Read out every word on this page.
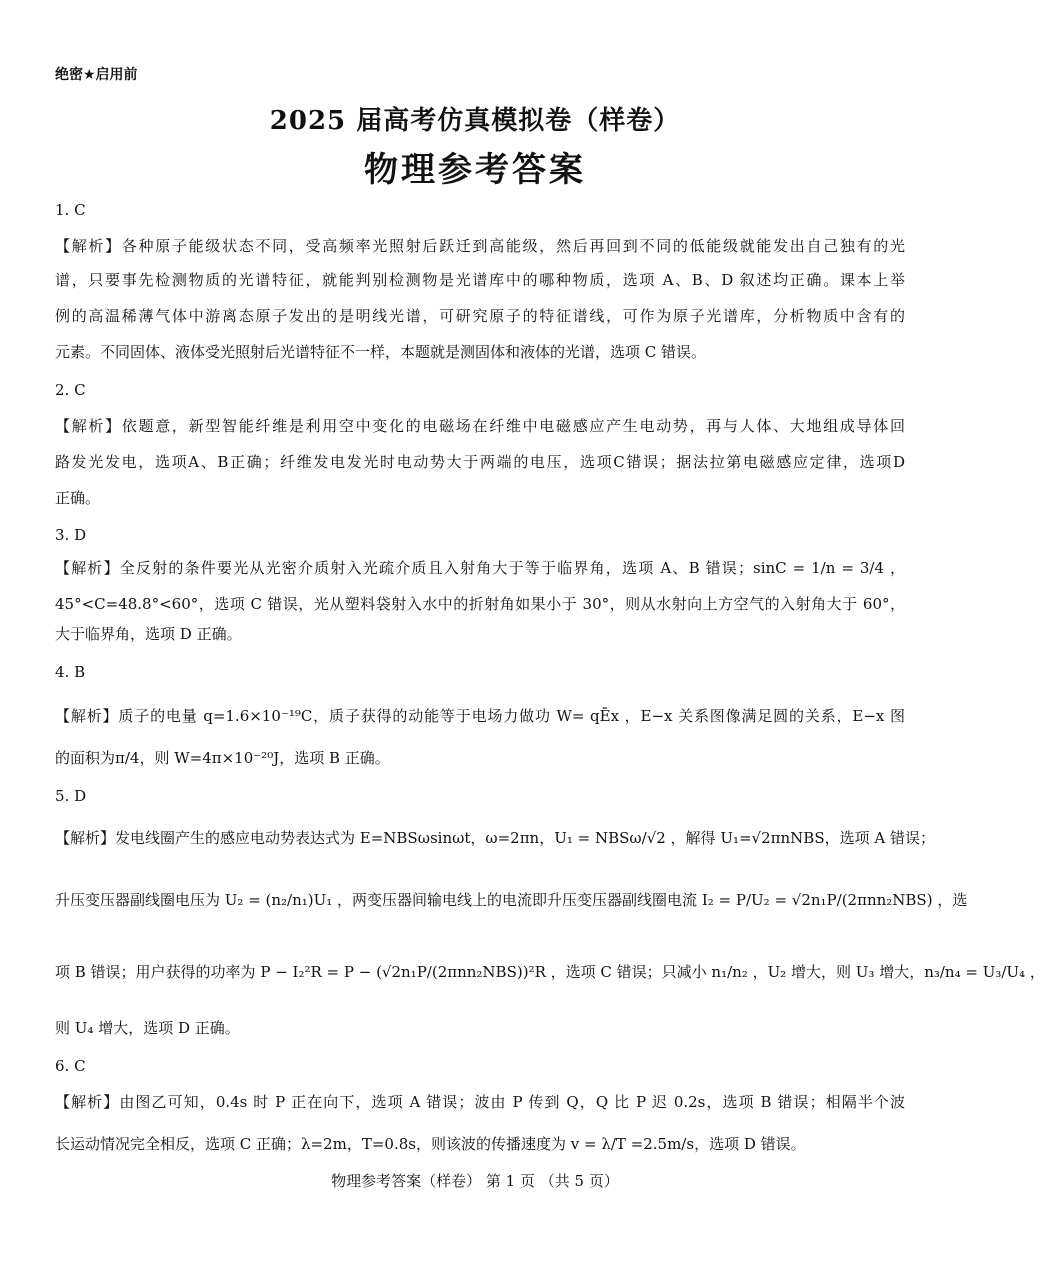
绝密★启用前
2025 届高考仿真模拟卷（样卷）
物理参考答案
1. C
【解析】各种原子能级状态不同，受高频率光照射后跃迁到高能级，然后再回到不同的低能级就能发出自己独有的光
谱，只要事先检测物质的光谱特征，就能判别检测物是光谱库中的哪种物质，选项 A、B、D 叙述均正确。课本上举
例的高温稀薄气体中游离态原子发出的是明线光谱，可研究原子的特征谱线，可作为原子光谱库，分析物质中含有的
元素。不同固体、液体受光照射后光谱特征不一样，本题就是测固体和液体的光谱，选项 C 错误。
2. C
【解析】依题意，新型智能纤维是利用空中变化的电磁场在纤维中电磁感应产生电动势，再与人体、大地组成导体回
路发光发电，选项A、B正确；纤维发电发光时电动势大于两端的电压，选项C错误；据法拉第电磁感应定律，选项D
正确。
3. D
【解析】全反射的条件要光从光密介质射入光疏介质且入射角大于等于临界角，选项 A、B 错误；sinC = 1/n = 3/4 ，
45°<C=48.8°<60°，选项 C 错误，光从塑料袋射入水中的折射角如果小于 30°，则从水射向上方空气的入射角大于 60°，
大于临界角，选项 D 正确。
4. B
【解析】质子的电量 q=1.6×10⁻¹⁹C，质子获得的动能等于电场力做功 W= qĒx ，E−x 关系图像满足圆的关系，E−x 图
的面积为π/4，则 W=4π×10⁻²⁰J，选项 B 正确。
5. D
【解析】发电线圈产生的感应电动势表达式为 E=NBSωsinωt，ω=2πn，U₁ = NBSω/√2 ，解得 U₁=√2πnNBS，选项 A 错误；
升压变压器副线圈电压为 U₂ = (n₂/n₁)U₁ ，两变压器间输电线上的电流即升压变压器副线圈电流 I₂ = P/U₂ = √2n₁P/(2πnn₂NBS) ，选
项 B 错误；用户获得的功率为 P − I₂²R = P − (√2n₁P/(2πnn₂NBS))²R ，选项 C 错误；只减小 n₁/n₂ ，U₂ 增大，则 U₃ 增大，n₃/n₄ = U₃/U₄ ，
则 U₄ 增大，选项 D 正确。
6. C
【解析】由图乙可知，0.4s 时 P 正在向下，选项 A 错误；波由 P 传到 Q，Q 比 P 迟 0.2s，选项 B 错误；相隔半个波
长运动情况完全相反，选项 C 正确；λ=2m，T=0.8s，则该波的传播速度为 v = λ/T =2.5m/s，选项 D 错误。
物理参考答案（样卷） 第 1 页 （共 5 页）
